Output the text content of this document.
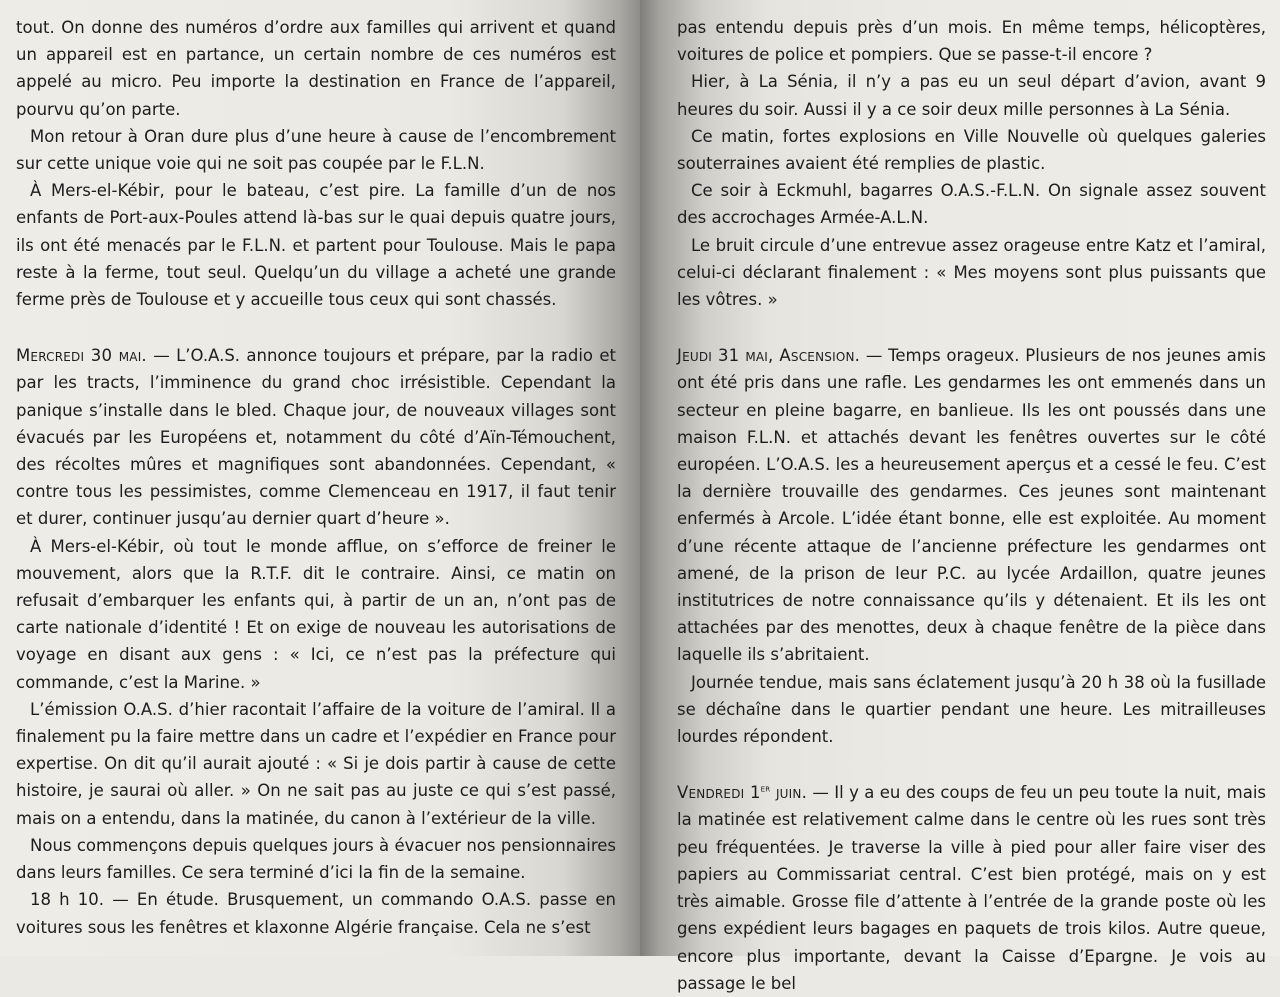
tout. On donne des numéros d’ordre aux familles qui arrivent et quand un appareil est en partance, un certain nombre de ces numéros est appelé au micro. Peu importe la destination en France de l’appareil, pourvu qu’on parte.

Mon retour à Oran dure plus d’une heure à cause de l’encombrement sur cette unique voie qui ne soit pas coupée par le F.L.N.

À Mers-el-Kébir, pour le bateau, c’est pire. La famille d’un de nos enfants de Port-aux-Poules attend là-bas sur le quai depuis quatre jours, ils ont été menacés par le F.L.N. et partent pour Toulouse. Mais le papa reste à la ferme, tout seul. Quelqu’un du village a acheté une grande ferme près de Toulouse et y accueille tous ceux qui sont chassés.

Mercredi 30 mai. — L’O.A.S. annonce toujours et prépare, par la radio et par les tracts, l’imminence du grand choc irrésistible. Cependant la panique s’installe dans le bled. Chaque jour, de nouveaux villages sont évacués par les Européens et, notamment du côté d’Aïn-Témouchent, des récoltes mûres et magnifiques sont abandonnées. Cependant, « contre tous les pessimistes, comme Clemenceau en 1917, il faut tenir et durer, continuer jusqu’au dernier quart d’heure ».

À Mers-el-Kébir, où tout le monde afflue, on s’efforce de freiner le mouvement, alors que la R.T.F. dit le contraire. Ainsi, ce matin on refusait d’embarquer les enfants qui, à partir de un an, n’ont pas de carte nationale d’identité ! Et on exige de nouveau les autorisations de voyage en disant aux gens : « Ici, ce n’est pas la préfecture qui commande, c’est la Marine. »

L’émission O.A.S. d’hier racontait l’affaire de la voiture de l’amiral. Il a finalement pu la faire mettre dans un cadre et l’expédier en France pour expertise. On dit qu’il aurait ajouté : « Si je dois partir à cause de cette histoire, je saurai où aller. » On ne sait pas au juste ce qui s’est passé, mais on a entendu, dans la matinée, du canon à l’extérieur de la ville.

Nous commençons depuis quelques jours à évacuer nos pensionnaires dans leurs familles. Ce sera terminé d’ici la fin de la semaine.

18 h 10. — En étude. Brusquement, un commando O.A.S. passe en voitures sous les fenêtres et klaxonne Algérie française. Cela ne s’est

pas entendu depuis près d’un mois. En même temps, hélicoptères, voitures de police et pompiers. Que se passe-t-il encore ?

Hier, à La Sénia, il n’y a pas eu un seul départ d’avion, avant 9 heures du soir. Aussi il y a ce soir deux mille personnes à La Sénia.

Ce matin, fortes explosions en Ville Nouvelle où quelques galeries souterraines avaient été remplies de plastic.

Ce soir à Eckmuhl, bagarres O.A.S.-F.L.N. On signale assez souvent des accrochages Armée-A.L.N.

Le bruit circule d’une entrevue assez orageuse entre Katz et l’amiral, celui-ci déclarant finalement : « Mes moyens sont plus puissants que les vôtres. »

Jeudi 31 mai, Ascension. — Temps orageux. Plusieurs de nos jeunes amis ont été pris dans une rafle. Les gendarmes les ont emmenés dans un secteur en pleine bagarre, en banlieue. Ils les ont poussés dans une maison F.L.N. et attachés devant les fenêtres ouvertes sur le côté européen. L’O.A.S. les a heureusement aperçus et a cessé le feu. C’est la dernière trouvaille des gendarmes. Ces jeunes sont maintenant enfermés à Arcole. L’idée étant bonne, elle est exploitée. Au moment d’une récente attaque de l’ancienne préfecture les gendarmes ont amené, de la prison de leur P.C. au lycée Ardaillon, quatre jeunes institutrices de notre connaissance qu’ils y détenaient. Et ils les ont attachées par des menottes, deux à chaque fenêtre de la pièce dans laquelle ils s’abritaient.

Journée tendue, mais sans éclatement jusqu’à 20 h 38 où la fusillade se déchaîne dans le quartier pendant une heure. Les mitrailleuses lourdes répondent.

Vendredi 1er juin. — Il y a eu des coups de feu un peu toute la nuit, mais la matinée est relativement calme dans le centre où les rues sont très peu fréquentées. Je traverse la ville à pied pour aller faire viser des papiers au Commissariat central. C’est bien protégé, mais on y est très aimable. Grosse file d’attente à l’entrée de la grande poste où les gens expédient leurs bagages en paquets de trois kilos. Autre queue, encore plus importante, devant la Caisse d’Epargne. Je vois au passage le bel
